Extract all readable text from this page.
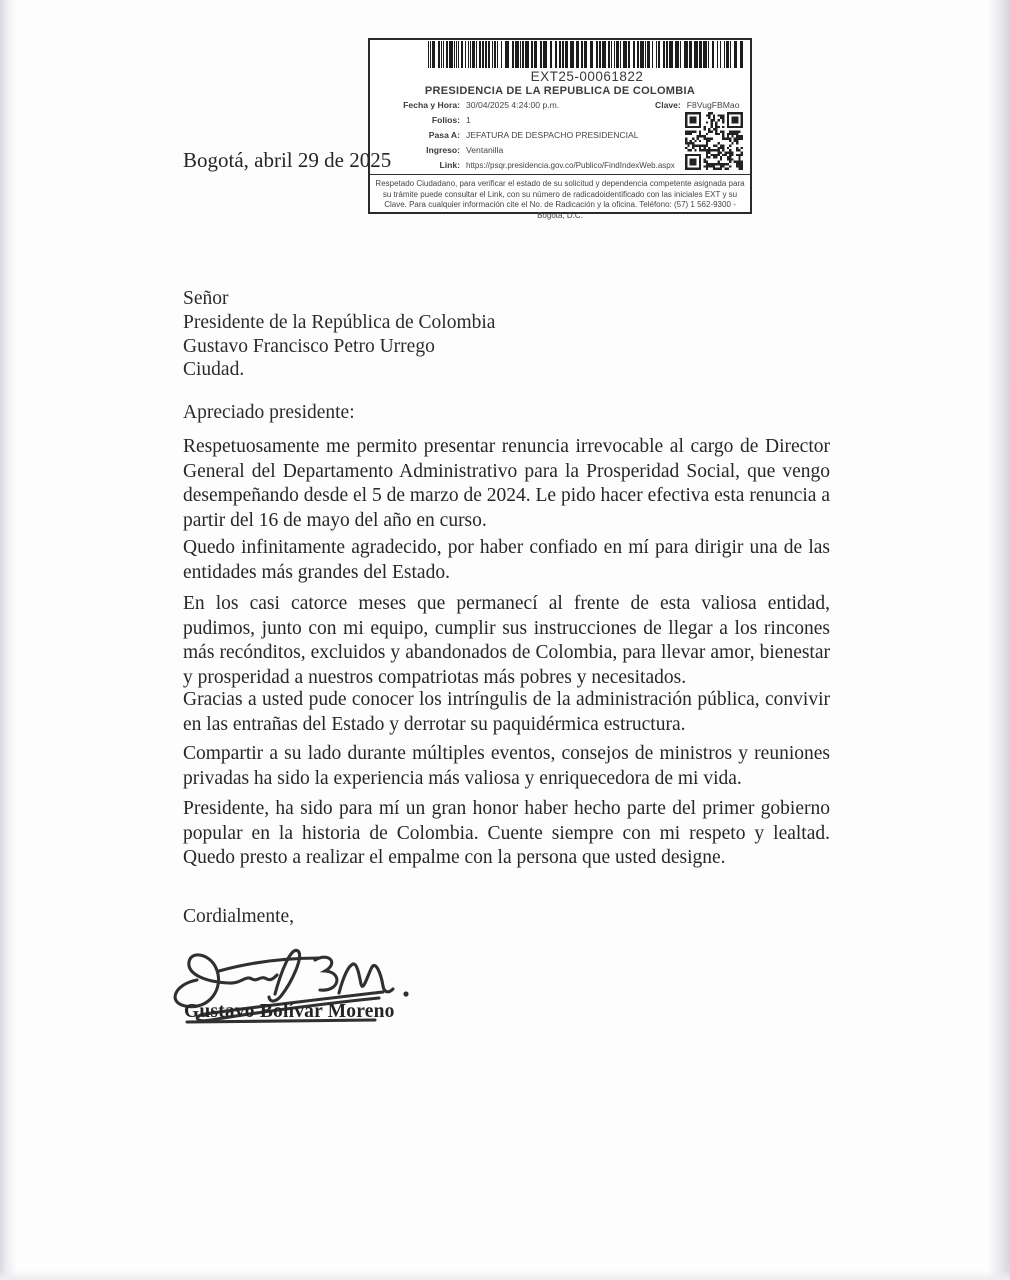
EXT25-00061822
PRESIDENCIA DE LA REPUBLICA DE COLOMBIA
Fecha y Hora: 30/04/2025 4:24:00 p.m.
Folios: 1
Pasa A: JEFATURA DE DESPACHO PRESIDENCIAL
Ingreso: Ventanilla
Link: https://psqr.presidencia.gov.co/Publico/FindIndexWeb.aspx
Clave: F8VugFBMao
Respetado Ciudadano, para verificar el estado de su solicitud y dependencia competente asignada para su trámite puede consultar el Link, con su número de radicadoidentificado con las iniciales EXT y su Clave. Para cualquier información cite el No. de Radicación y la oficina. Teléfono: (57) 1 562-9300 - Bogotá, D.C.
Bogotá, abril 29 de 2025
Señor
Presidente de la República de Colombia
Gustavo Francisco Petro Urrego
Ciudad.
Apreciado presidente:
Respetuosamente me permito presentar renuncia irrevocable al cargo de Director General del Departamento Administrativo para la Prosperidad Social, que vengo desempeñando desde el 5 de marzo de 2024. Le pido hacer efectiva esta renuncia a partir del 16 de mayo del año en curso.
Quedo infinitamente agradecido, por haber confiado en mí para dirigir una de las entidades más grandes del Estado.
En los casi catorce meses que permanecí al frente de esta valiosa entidad, pudimos, junto con mi equipo, cumplir sus instrucciones de llegar a los rincones más recónditos, excluidos y abandonados de Colombia, para llevar amor, bienestar y prosperidad a nuestros compatriotas más pobres y necesitados.
Gracias a usted pude conocer los intríngulis de la administración pública, convivir en las entrañas del Estado y derrotar su paquidérmica estructura.
Compartir a su lado durante múltiples eventos, consejos de ministros y reuniones privadas ha sido la experiencia más valiosa y enriquecedora de mi vida.
Presidente, ha sido para mí un gran honor haber hecho parte del primer gobierno popular en la historia de Colombia. Cuente siempre con mi respeto y lealtad. Quedo presto a realizar el empalme con la persona que usted designe.
Cordialmente,
Gustavo Bolívar Moreno
